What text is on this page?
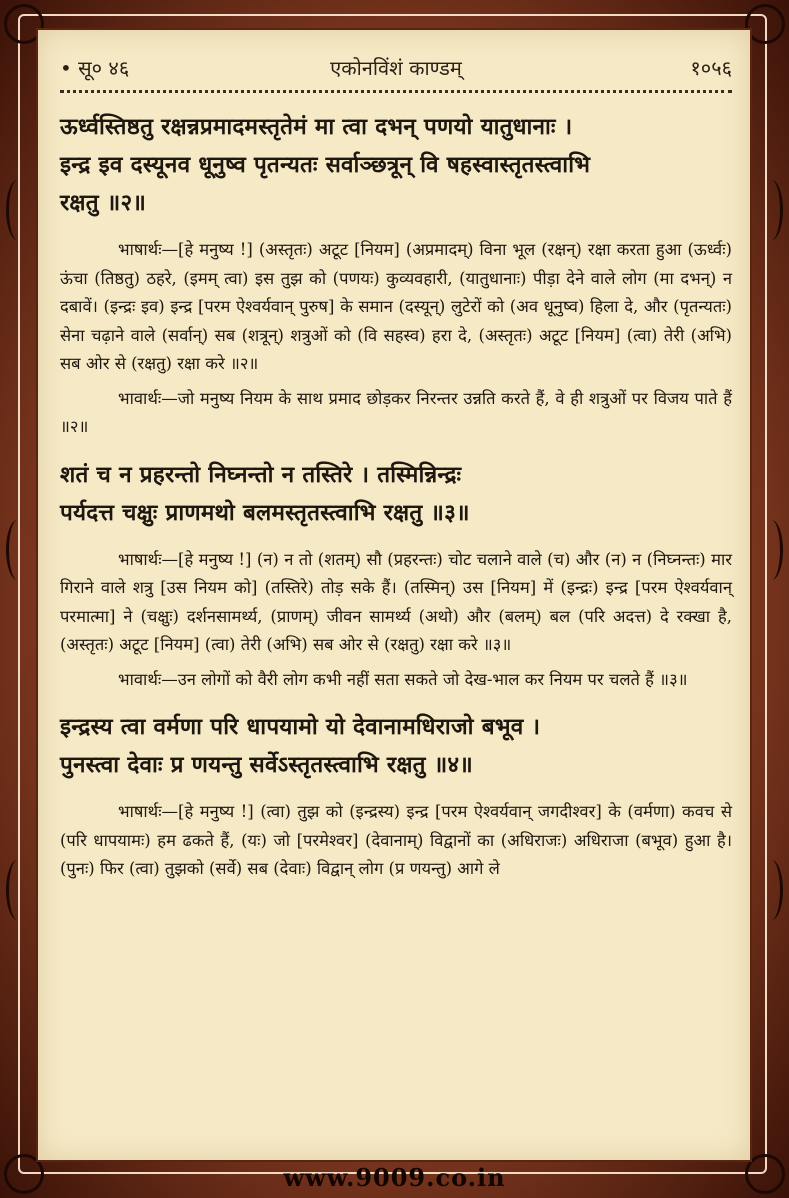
• सू० ४६	एकोनविंशं काण्डम्	१०५६
ऊर्ध्वस्तिष्ठतु रक्षन्नप्रमादमस्तृतेमं मा त्वा दभन् पणयो यातुधानाः ।
इन्द्र इव दस्यूनव धूनुष्व पृतन्यतः सर्वाञ्छत्रून् वि षहस्वास्तृतस्त्वाभि
रक्षतु ॥२॥

भाषार्थः—[हे मनुष्य !] (अस्तृतः) अटूट [नियम] (अप्रमादम्) विना भूल (रक्षन्) रक्षा करता हुआ (ऊर्ध्वः) ऊंचा (तिष्ठतु) ठहरे, (इमम् त्वा) इस तुझ को (पणयः) कुव्यवहारी, (यातुधानाः) पीड़ा देने वाले लोग (मा दभन्) न दबावें। (इन्द्रः इव) इन्द्र [परम ऐश्वर्यवान् पुरुष] के समान (दस्यून्) लुटेरों को (अव धूनुष्व) हिला दे, और (पृतन्यतः) सेना चढ़ाने वाले (सर्वान्) सब (शत्रून्) शत्रुओं को (वि सहस्व) हरा दे, (अस्तृतः) अटूट [नियम] (त्वा) तेरी (अभि) सब ओर से (रक्षतु) रक्षा करे ॥२॥

भावार्थः—जो मनुष्य नियम के साथ प्रमाद छोड़कर निरन्तर उन्नति करते हैं, वे ही शत्रुओं पर विजय पाते हैं ॥२॥

शतं च न प्रहरन्तो निघ्नन्तो न तस्तिरे । तस्मिन्निन्द्रः
पर्यदत्त चक्षुः प्राणमथो बलमस्तृतस्त्वाभि रक्षतु ॥३॥

भाषार्थः—[हे मनुष्य !] (न) न तो (शतम्) सौ (प्रहरन्तः) चोट चलाने वाले (च) और (न) न (निघ्नन्तः) मार गिराने वाले शत्रु [उस नियम को] (तस्तिरे) तोड़ सके हैं। (तस्मिन्) उस [नियम] में (इन्द्रः) इन्द्र [परम ऐश्वर्यवान् परमात्मा] ने (चक्षुः) दर्शनसामर्थ्य, (प्राणम्) जीवन सामर्थ्य (अथो) और (बलम्) बल (परि अदत्त) दे रक्खा है, (अस्तृतः) अटूट [नियम] (त्वा) तेरी (अभि) सब ओर से (रक्षतु) रक्षा करे ॥३॥

भावार्थः—उन लोगों को वैरी लोग कभी नहीं सता सकते जो देख-भाल कर नियम पर चलते हैं ॥३॥

इन्द्रस्य त्वा वर्मणा परि धापयामो यो देवानामधिराजो बभूव ।
पुनस्त्वा देवाः प्र णयन्तु सर्वेऽस्तृतस्त्वाभि रक्षतु ॥४॥

भाषार्थः—[हे मनुष्य !] (त्वा) तुझ को (इन्द्रस्य) इन्द्र [परम ऐश्वर्यवान् जगदीश्वर] के (वर्मणा) कवच से (परि धापयामः) हम ढकते हैं, (यः) जो [परमेश्वर] (देवानाम्) विद्वानों का (अधिराजः) अधिराजा (बभूव) हुआ है। (पुनः) फिर (त्वा) तुझको (सर्वे) सब (देवाः) विद्वान् लोग (प्र णयन्तु) आगे ले

www.9009.co.in
